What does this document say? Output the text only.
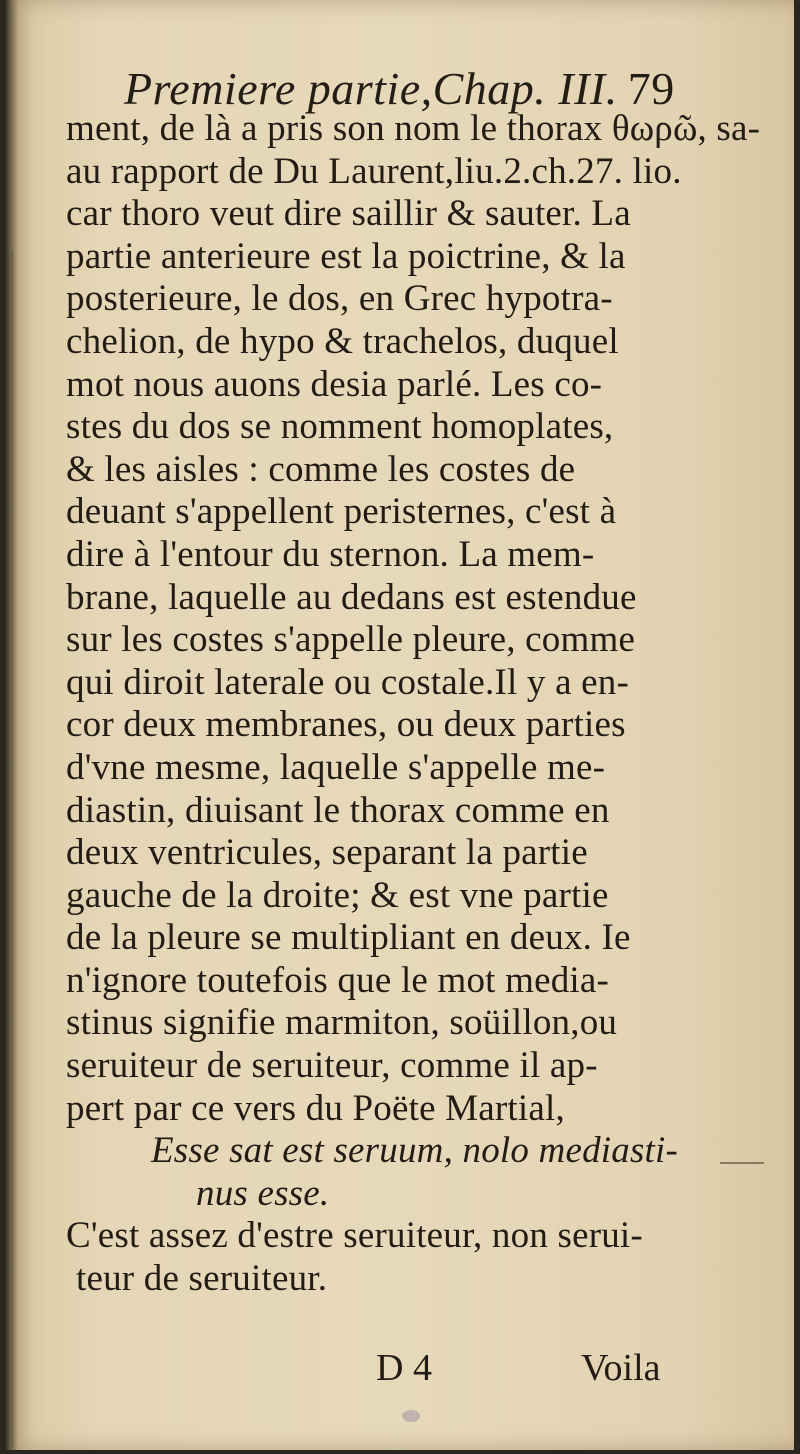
Premiere partie,Chap. III. 79
ment, de là a pris son nom le thorax θωρῶ, sa-
au rapport de Du Laurent,liu.2.ch.27. lio.
car thoro veut dire saillir & sauter. La
partie anterieure est la poictrine, & la
posterieure, le dos, en Grec hypotra-
chelion, de hypo & trachelos, duquel
mot nous auons desia parlé. Les co-
stes du dos se nomment homoplates,
& les aisles : comme les costes de
deuant s'appellent peristernes, c'est à
dire à l'entour du sternon. La mem-
brane, laquelle au dedans est estendue
sur les costes s'appelle pleure, comme
qui diroit laterale ou costale.Il y a en-
cor deux membranes, ou deux parties
d'vne mesme, laquelle s'appelle me-
diastin, diuisant le thorax comme en
deux ventricules, separant la partie
gauche de la droite; & est vne partie
de la pleure se multipliant en deux. Ie
n'ignore toutefois que le mot media-
stinus signifie marmiton, soüillon,ou
seruiteur de seruiteur, comme il ap-
pert par ce vers du Poëte Martial,
Esse sat est seruum, nolo mediasti-
nus esse.
C'est assez d'estre seruiteur, non serui-
teur de seruiteur.
D 4	Voila
